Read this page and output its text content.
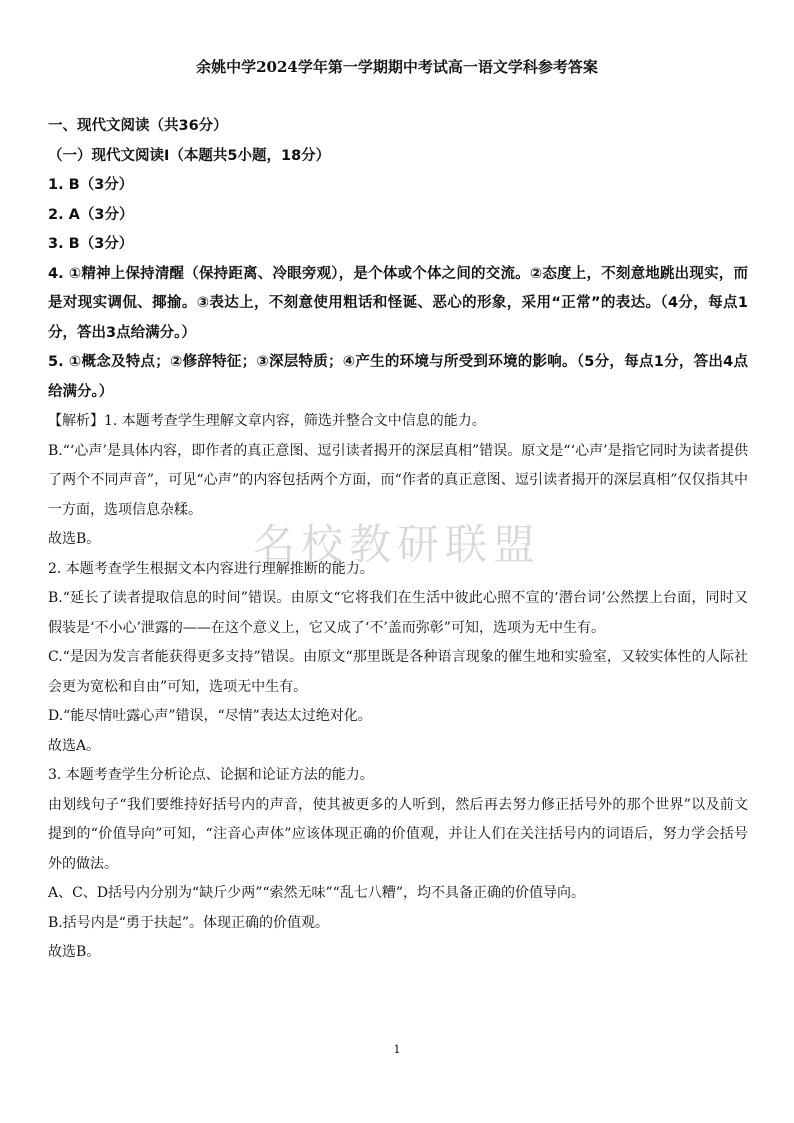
名校教研联盟
余姚中学2024学年第一学期期中考试高一语文学科参考答案

一、现代文阅读（共36分）

（一）现代文阅读Ⅰ（本题共5小题，18分）

1. B（3分）

2. A（3分）

3. B（3分）

4. ①精神上保持清醒（保持距离、冷眼旁观），是个体或个体之间的交流。②态度上，不刻意地跳出现实，而是对现实调侃、揶揄。③表达上，不刻意使用粗话和怪诞、恶心的形象，采用“正常”的表达。（4分，每点1分，答出3点给满分。）

5. ①概念及特点；②修辞特征；③深层特质；④产生的环境与所受到环境的影响。（5分，每点1分，答出4点给满分。）

【解析】1. 本题考查学生理解文章内容，筛选并整合文中信息的能力。

B.“‘心声’是具体内容，即作者的真正意图、逗引读者揭开的深层真相”错误。原文是“‘心声’是指它同时为读者提供了两个不同声音”，可见“心声”的内容包括两个方面，而“作者的真正意图、逗引读者揭开的深层真相”仅仅指其中一方面，选项信息杂糅。

故选B。

2. 本题考查学生根据文本内容进行理解推断的能力。

B.“延长了读者提取信息的时间”错误。由原文“它将我们在生活中彼此心照不宣的‘潜台词’公然摆上台面，同时又假装是‘不小心’泄露的——在这个意义上，它又成了‘不’盖而弥彰”可知，选项为无中生有。

C.“是因为发言者能获得更多支持”错误。由原文“那里既是各种语言现象的催生地和实验室，又较实体性的人际社会更为宽松和自由”可知，选项无中生有。

D.“能尽情吐露心声”错误，“尽情”表达太过绝对化。

故选A。

3. 本题考查学生分析论点、论据和论证方法的能力。

由划线句子“我们要维持好括号内的声音，使其被更多的人听到，然后再去努力修正括号外的那个世界”以及前文提到的“价值导向”可知，“注音心声体”应该体现正确的价值观，并让人们在关注括号内的词语后，努力学会括号外的做法。

A、C、D括号内分别为“缺斤少两”“索然无味”“乱七八糟”，均不具备正确的价值导向。

B.括号内是“勇于扶起”。体现正确的价值观。

故选B。

1
